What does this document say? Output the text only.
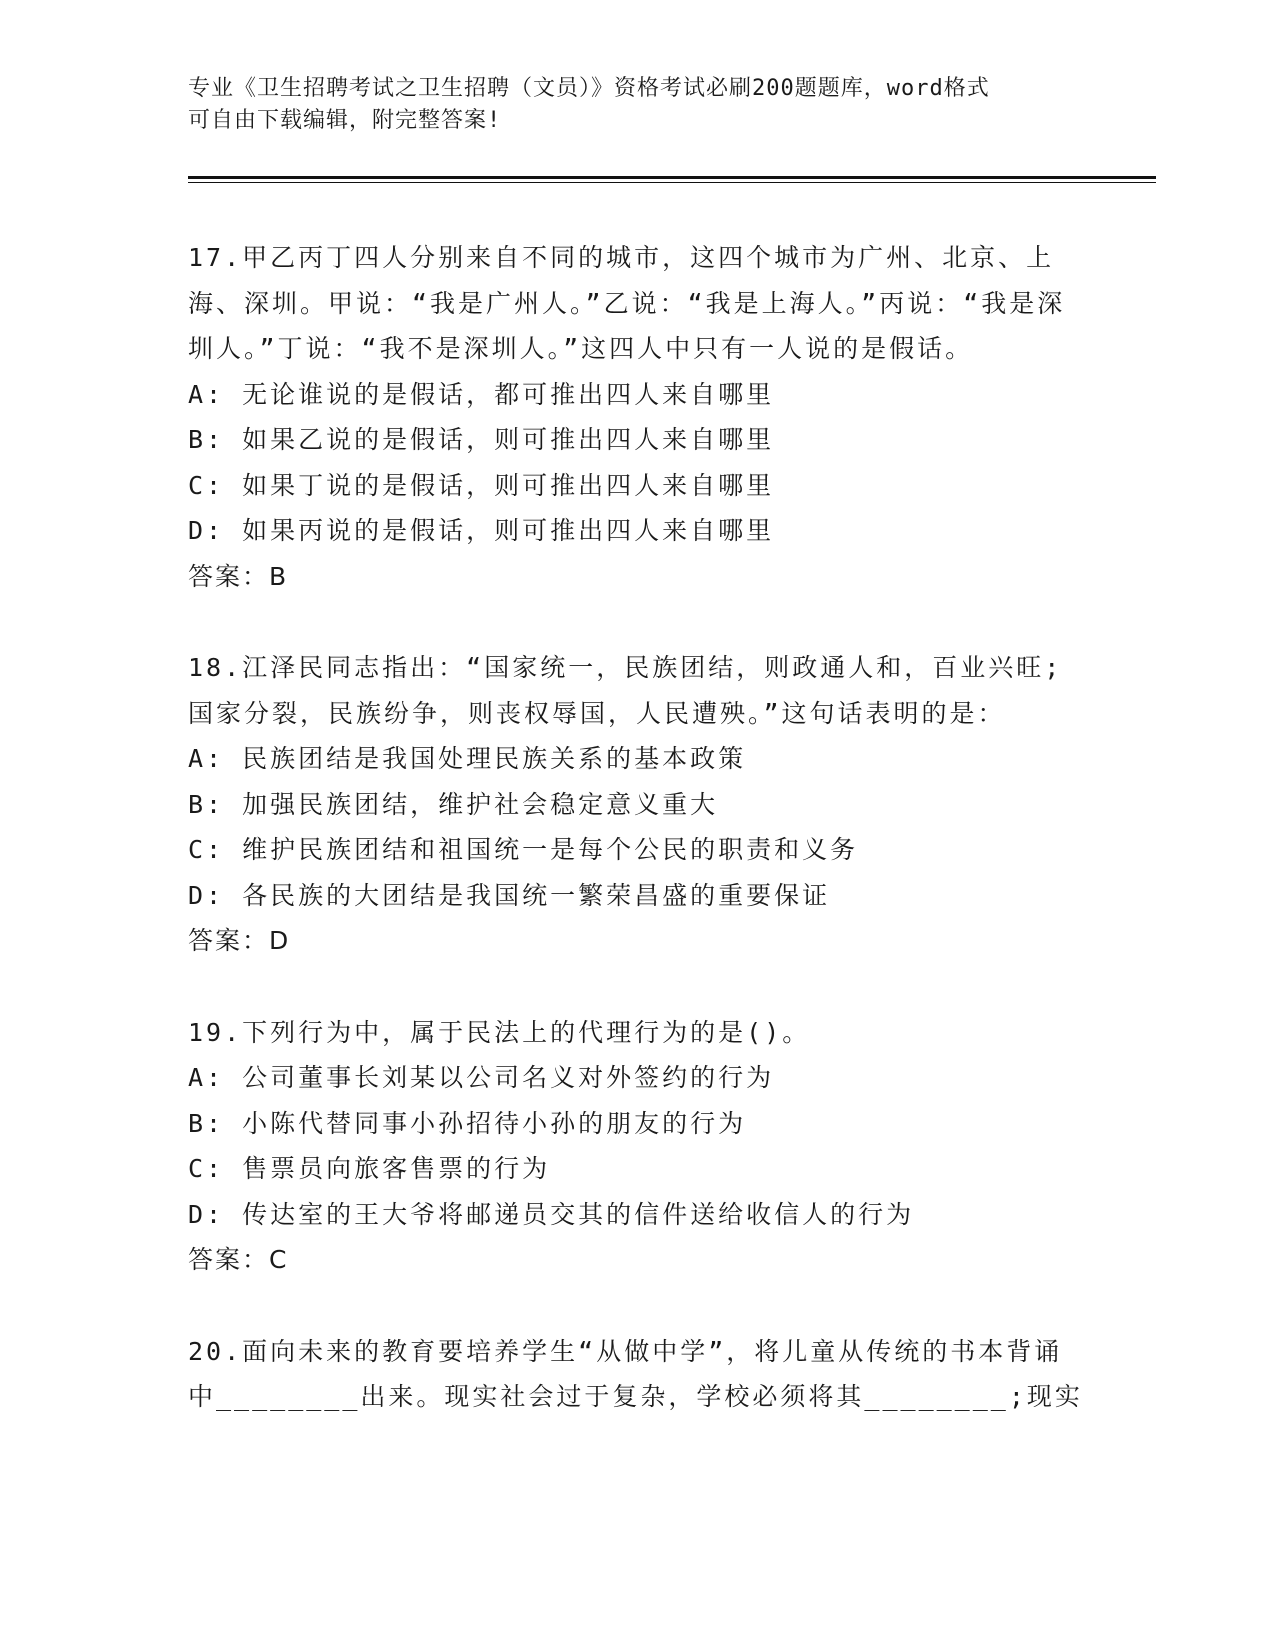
专业《卫生招聘考试之卫生招聘（文员）》资格考试必刷200题题库，word格式
可自由下载编辑，附完整答案!

17.甲乙丙丁四人分别来自不同的城市，这四个城市为广州、北京、上海、深圳。甲说：“我是广州人。”乙说：“我是上海人。”丙说：“我是深圳人。”丁说：“我不是深圳人。”这四人中只有一人说的是假话。

A: 无论谁说的是假话，都可推出四人来自哪里

B: 如果乙说的是假话，则可推出四人来自哪里

C: 如果丁说的是假话，则可推出四人来自哪里

D: 如果丙说的是假话，则可推出四人来自哪里

答案：B

18.江泽民同志指出：“国家统一，民族团结，则政通人和，百业兴旺;国家分裂，民族纷争，则丧权辱国，人民遭殃。”这句话表明的是：

A: 民族团结是我国处理民族关系的基本政策

B: 加强民族团结，维护社会稳定意义重大

C: 维护民族团结和祖国统一是每个公民的职责和义务

D: 各民族的大团结是我国统一繁荣昌盛的重要保证

答案：D

19.下列行为中，属于民法上的代理行为的是()。

A: 公司董事长刘某以公司名义对外签约的行为

B: 小陈代替同事小孙招待小孙的朋友的行为

C: 售票员向旅客售票的行为

D: 传达室的王大爷将邮递员交其的信件送给收信人的行为

答案：C

20.面向未来的教育要培养学生“从做中学”，将儿童从传统的书本背诵中________出来。现实社会过于复杂，学校必须将其________;现实
